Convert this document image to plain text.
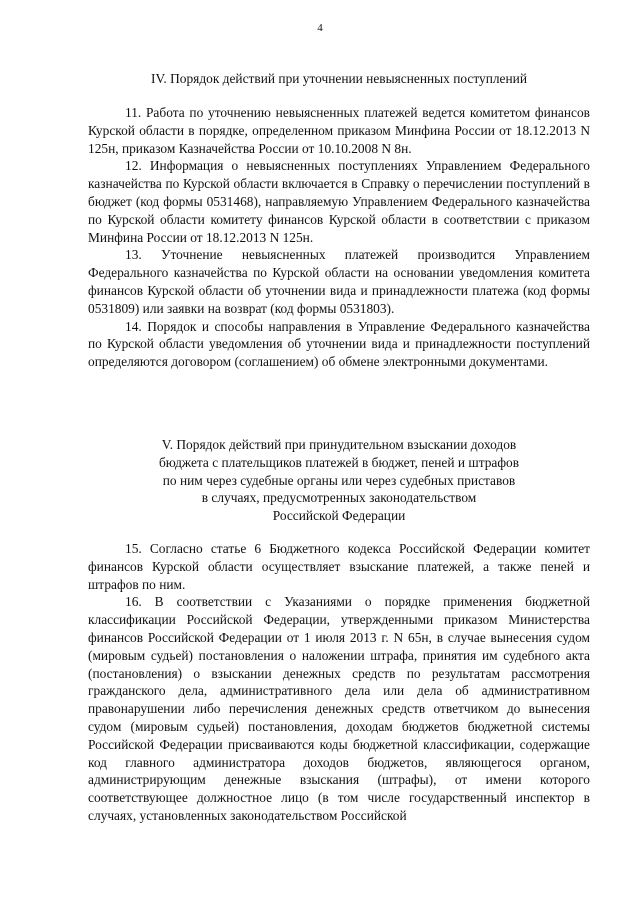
4
IV. Порядок действий при уточнении невыясненных поступлений

11. Работа по уточнению невыясненных платежей ведется комитетом финансов Курской области в порядке, определенном приказом Минфина России от 18.12.2013 N 125н, приказом Казначейства России от 10.10.2008 N 8н.

12. Информация о невыясненных поступлениях Управлением Федерального казначейства по Курской области включается в Справку о перечислении поступлений в бюджет (код формы 0531468), направляемую Управлением Федерального казначейства по Курской области комитету финансов Курской области в соответствии с приказом Минфина России от 18.12.2013 N 125н.

13. Уточнение невыясненных платежей производится Управлением Федерального казначейства по Курской области на основании уведомления комитета финансов Курской области об уточнении вида и принадлежности платежа (код формы 0531809) или заявки на возврат (код формы 0531803).

14. Порядок и способы направления в Управление Федерального казначейства по Курской области уведомления об уточнении вида и принадлежности поступлений определяются договором (соглашением) об обмене электронными документами.

V. Порядок действий при принудительном взыскании доходов
бюджета с плательщиков платежей в бюджет, пеней и штрафов
по ним через судебные органы или через судебных приставов
в случаях, предусмотренных законодательством
Российской Федерации

15. Согласно статье 6 Бюджетного кодекса Российской Федерации комитет финансов Курской области осуществляет взыскание платежей, а также пеней и штрафов по ним.

16. В соответствии с Указаниями о порядке применения бюджетной классификации Российской Федерации, утвержденными приказом Министерства финансов Российской Федерации от 1 июля 2013 г. N 65н, в случае вынесения судом (мировым судьей) постановления о наложении штрафа, принятия им судебного акта (постановления) о взыскании денежных средств по результатам рассмотрения гражданского дела, административного дела или дела об административном правонарушении либо перечисления денежных средств ответчиком до вынесения судом (мировым судьей) постановления, доходам бюджетов бюджетной системы Российской Федерации присваиваются коды бюджетной классификации, содержащие код главного администратора доходов бюджетов, являющегося органом, администрирующим денежные взыскания (штрафы), от имени которого соответствующее должностное лицо (в том числе государственный инспектор в случаях, установленных законодательством Российской
